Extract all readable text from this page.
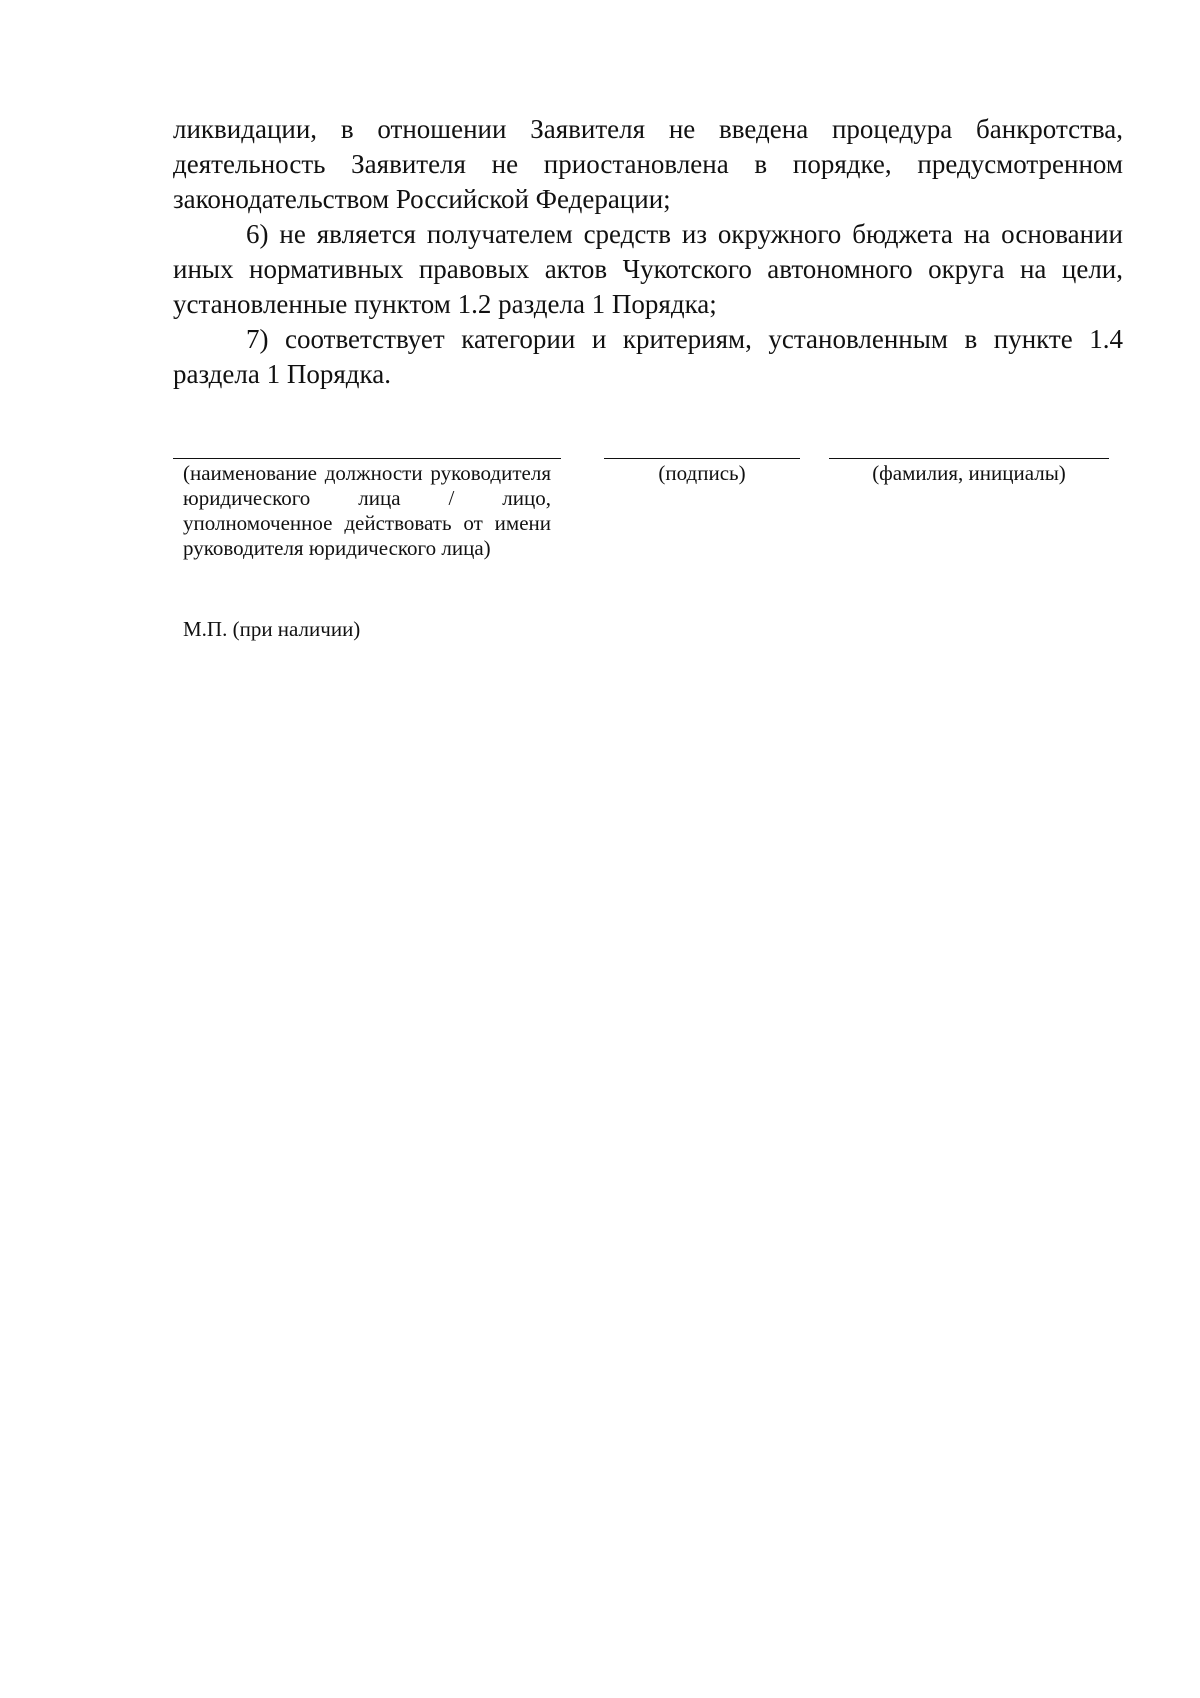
ликвидации, в отношении Заявителя не введена процедура банкротства, деятельность Заявителя не приостановлена в порядке, предусмотренном законодательством Российской Федерации;

6) не является получателем средств из окружного бюджета на основании иных нормативных правовых актов Чукотского автономного округа на цели, установленные пунктом 1.2 раздела 1 Порядка;

7) соответствует категории и критериям, установленным в пункте 1.4 раздела 1 Порядка.

(наименование должности руководителя юридического лица / лицо, уполномоченное действовать от имени руководителя юридического лица)
(подпись)	(фамилия, инициалы)
М.П. (при наличии)
